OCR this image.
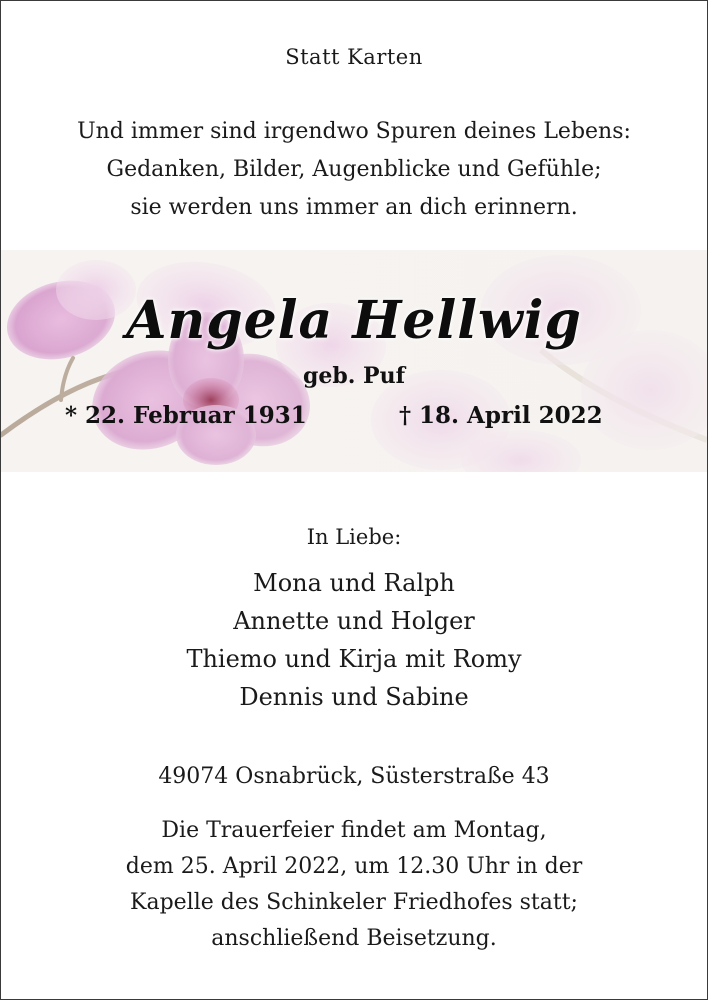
Statt Karten
Und immer sind irgendwo Spuren deines Lebens:
Gedanken, Bilder, Augenblicke und Gefühle;
sie werden uns immer an dich erinnern.
Angela Hellwig
geb. Puf
* 22. Februar 1931	† 18. April 2022
In Liebe:
Mona und Ralph
Annette und Holger
Thiemo und Kirja mit Romy
Dennis und Sabine
49074 Osnabrück, Süsterstraße 43
Die Trauerfeier findet am Montag,
dem 25. April 2022, um 12.30 Uhr in der
Kapelle des Schinkeler Friedhofes statt;
anschließend Beisetzung.
